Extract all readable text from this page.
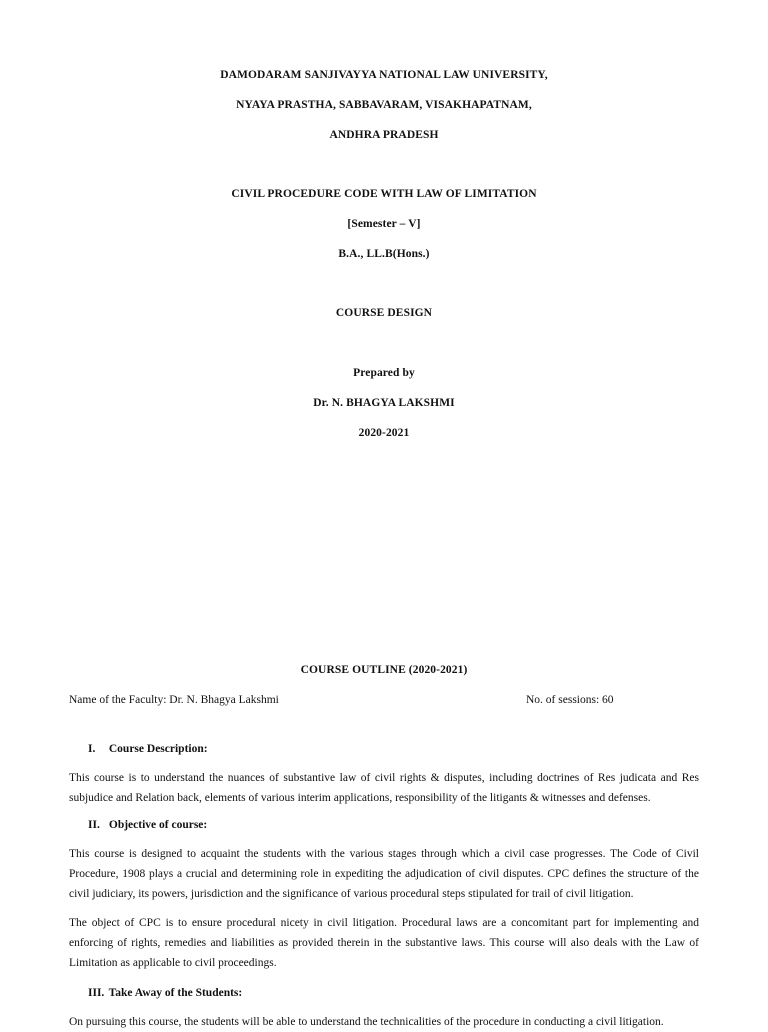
DAMODARAM SANJIVAYYA NATIONAL LAW UNIVERSITY,
NYAYA PRASTHA, SABBAVARAM, VISAKHAPATNAM,
ANDHRA PRADESH
CIVIL PROCEDURE CODE WITH LAW OF LIMITATION
[Semester – V]
B.A., LL.B(Hons.)
COURSE DESIGN
Prepared by
Dr. N. BHAGYA LAKSHMI
2020-2021
COURSE OUTLINE (2020-2021)
Name of the Faculty: Dr. N. Bhagya Lakshmi	No. of sessions: 60
I. Course Description:
This course is to understand the nuances of substantive law of civil rights & disputes, including doctrines of Res judicata and Res subjudice and Relation back, elements of various interim applications, responsibility of the litigants & witnesses and defenses.
II. Objective of course:
This course is designed to acquaint the students with the various stages through which a civil case progresses. The Code of Civil Procedure, 1908 plays a crucial and determining role in expediting the adjudication of civil disputes. CPC defines the structure of the civil judiciary, its powers, jurisdiction and the significance of various procedural steps stipulated for trail of civil litigation.
The object of CPC is to ensure procedural nicety in civil litigation. Procedural laws are a concomitant part for implementing and enforcing of rights, remedies and liabilities as provided therein in the substantive laws. This course will also deals with the Law of Limitation as applicable to civil proceedings.
III. Take Away of the Students:
On pursuing this course, the students will be able to understand the technicalities of the procedure in conducting a civil litigation.
